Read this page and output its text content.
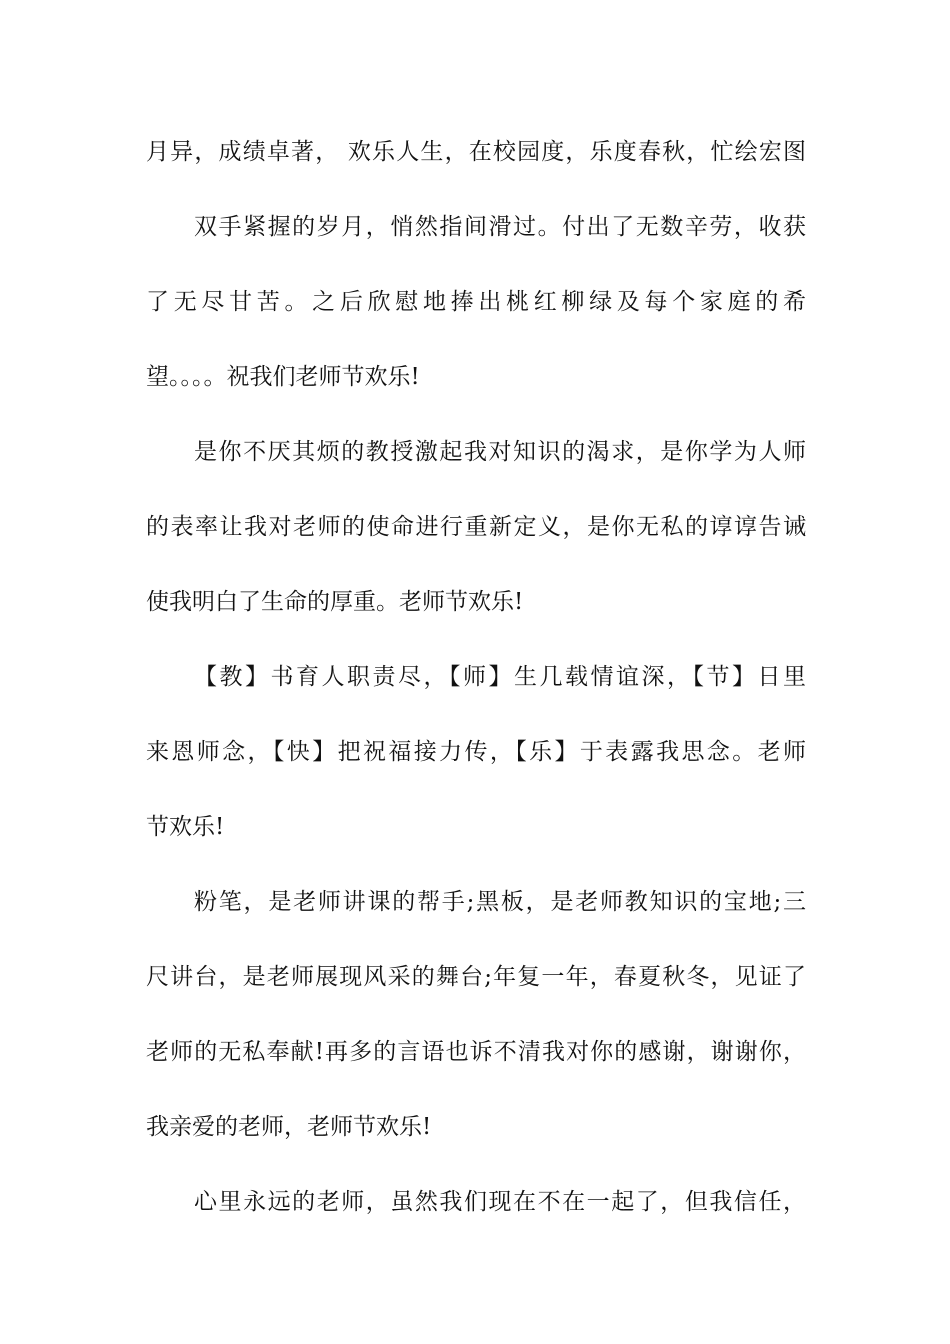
月异，成绩卓著， 欢乐人生，在校园度，乐度春秋，忙绘宏图
双手紧握的岁月，悄然指间滑过。付出了无数辛劳，收获
了无尽甘苦。之后欣慰地捧出桃红柳绿及每个家庭的希
望。。。。祝我们老师节欢乐!
是你不厌其烦的教授激起我对知识的渴求，是你学为人师
的表率让我对老师的使命进行重新定义，是你无私的谆谆告诫
使我明白了生命的厚重。老师节欢乐!
【教】书育人职责尽，【师】生几载情谊深，【节】日里
来恩师念，【快】把祝福接力传，【乐】于表露我思念。老师
节欢乐!
粉笔，是老师讲课的帮手;黑板，是老师教知识的宝地;三
尺讲台，是老师展现风采的舞台;年复一年，春夏秋冬，见证了
老师的无私奉献!再多的言语也诉不清我对你的感谢，谢谢你，
我亲爱的老师，老师节欢乐!
心里永远的老师，虽然我们现在不在一起了，但我信任，
